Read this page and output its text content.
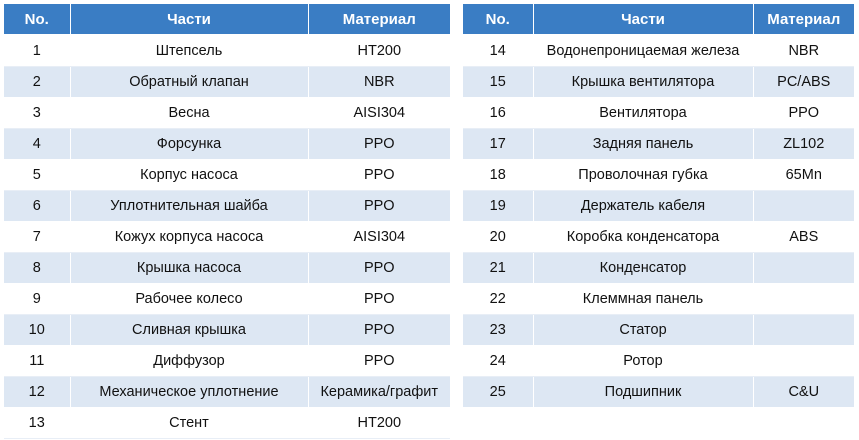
No.	Части	Материал
1	Штепсель	HT200
2	Обратный клапан	NBR
3	Весна	AISI304
4	Форсунка	PPO
5	Корпус насоса	PPO
6	Уплотнительная шайба	PPO
7	Кожух корпуса насоса	AISI304
8	Крышка насоса	PPO
9	Рабочее колесо	PPO
10	Сливная крышка	PPO
11	Диффузор	PPO
12	Механическое уплотнение	Керамика/графит
13	Стент	HT200
No.	Части	Материал
14	Водонепроницаемая железа	NBR
15	Крышка вентилятора	PC/ABS
16	Вентилятора	PPO
17	Задняя панель	ZL102
18	Проволочная губка	65Mn
19	Держатель кабеля	
20	Коробка конденсатора	ABS
21	Конденсатор	
22	Клеммная панель	
23	Статор	
24	Ротор	
25	Подшипник	C&U
